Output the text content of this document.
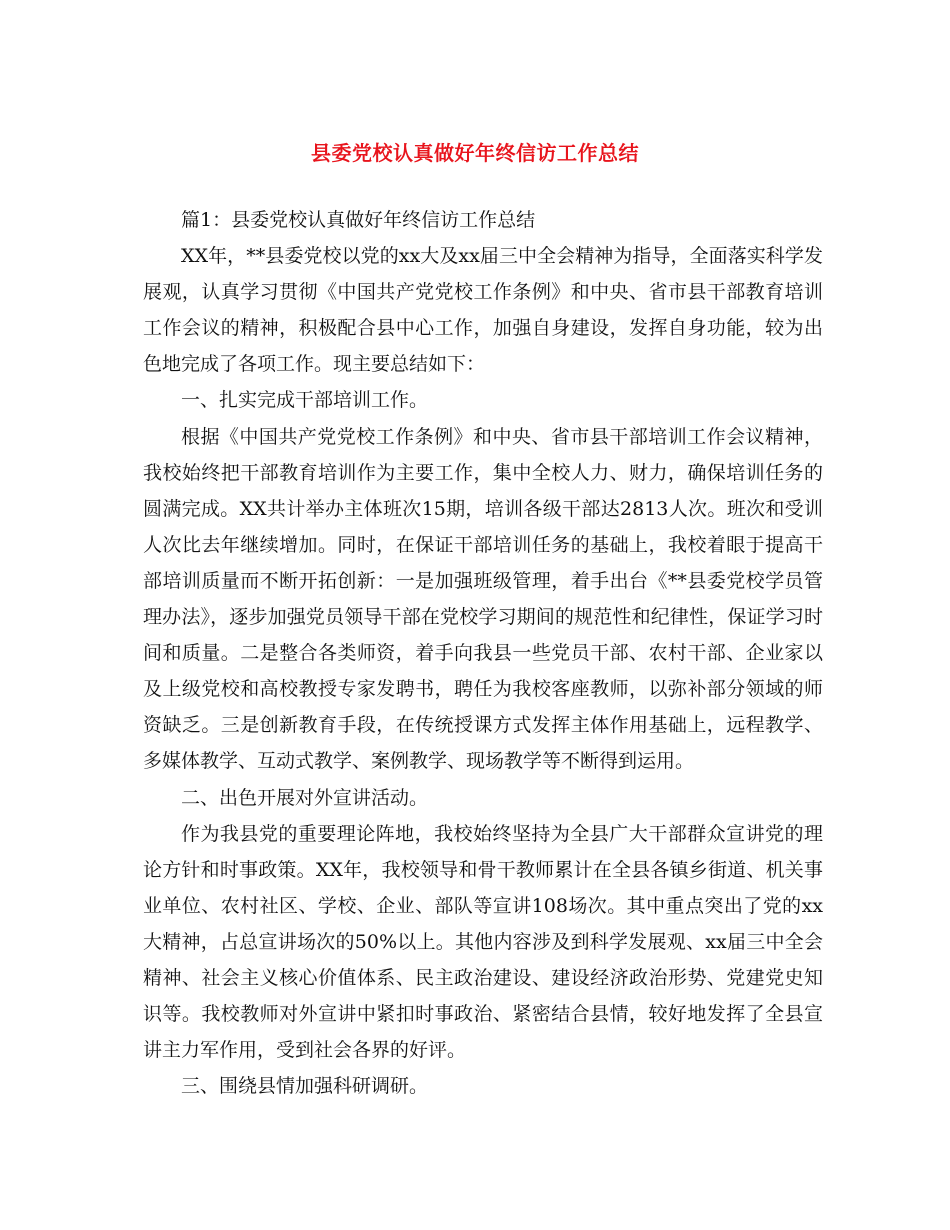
县委党校认真做好年终信访工作总结

篇1：县委党校认真做好年终信访工作总结

XX年，**县委党校以党的xx大及xx届三中全会精神为指导，全面落实科学发展观，认真学习贯彻《中国共产党党校工作条例》和中央、省市县干部教育培训工作会议的精神，积极配合县中心工作，加强自身建设，发挥自身功能，较为出色地完成了各项工作。现主要总结如下：

一、扎实完成干部培训工作。

根据《中国共产党党校工作条例》和中央、省市县干部培训工作会议精神，我校始终把干部教育培训作为主要工作，集中全校人力、财力，确保培训任务的圆满完成。XX共计举办主体班次15期，培训各级干部达2813人次。班次和受训人次比去年继续增加。同时，在保证干部培训任务的基础上，我校着眼于提高干部培训质量而不断开拓创新：一是加强班级管理，着手出台《**县委党校学员管理办法》，逐步加强党员领导干部在党校学习期间的规范性和纪律性，保证学习时间和质量。二是整合各类师资，着手向我县一些党员干部、农村干部、企业家以及上级党校和高校教授专家发聘书，聘任为我校客座教师，以弥补部分领域的师资缺乏。三是创新教育手段，在传统授课方式发挥主体作用基础上，远程教学、多媒体教学、互动式教学、案例教学、现场教学等不断得到运用。

二、出色开展对外宣讲活动。

作为我县党的重要理论阵地，我校始终坚持为全县广大干部群众宣讲党的理论方针和时事政策。XX年，我校领导和骨干教师累计在全县各镇乡街道、机关事业单位、农村社区、学校、企业、部队等宣讲108场次。其中重点突出了党的xx大精神，占总宣讲场次的50%以上。其他内容涉及到科学发展观、xx届三中全会精神、社会主义核心价值体系、民主政治建设、建设经济政治形势、党建党史知识等。我校教师对外宣讲中紧扣时事政治、紧密结合县情，较好地发挥了全县宣讲主力军作用，受到社会各界的好评。

三、围绕县情加强科研调研。
